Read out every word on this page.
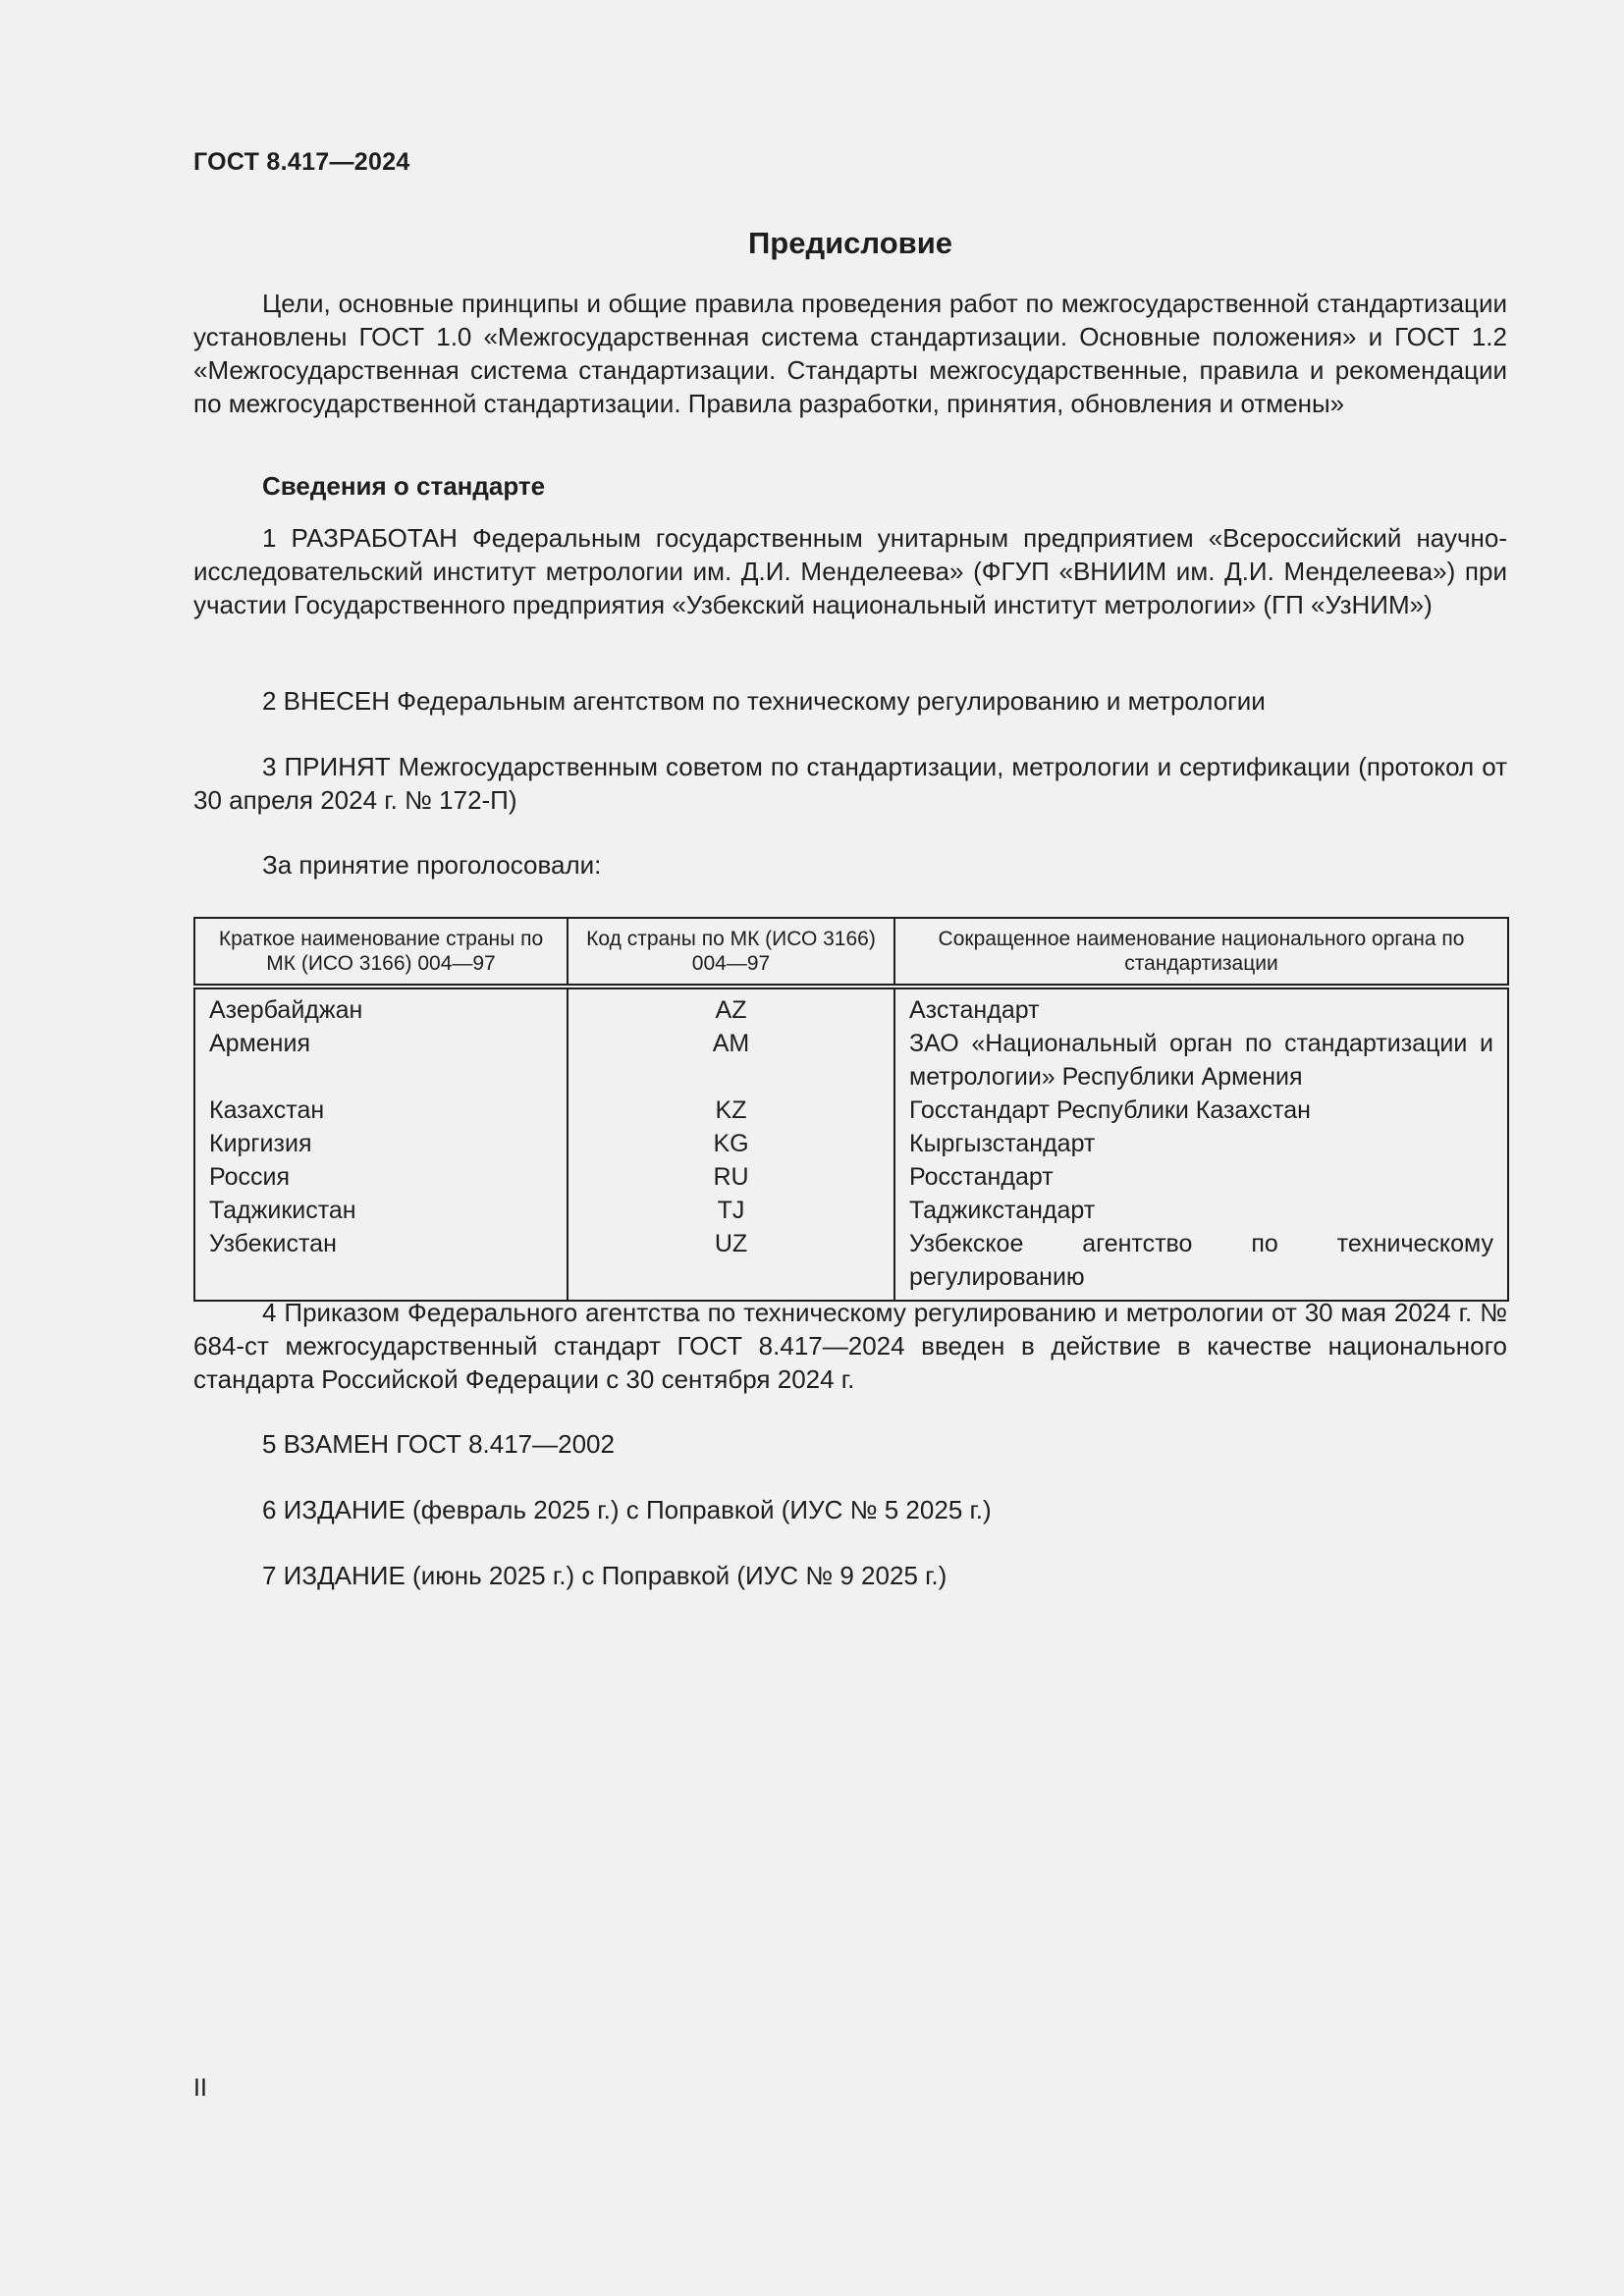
ГОСТ 8.417—2024
Предисловие
Цели, основные принципы и общие правила проведения работ по межгосударственной стандартизации установлены ГОСТ 1.0 «Межгосударственная система стандартизации. Основные положения» и ГОСТ 1.2 «Межгосударственная система стандартизации. Стандарты межгосударственные, правила и рекомендации по межгосударственной стандартизации. Правила разработки, принятия, обновления и отмены»
Сведения о стандарте
1 РАЗРАБОТАН Федеральным государственным унитарным предприятием «Всероссийский научно-исследовательский институт метрологии им. Д.И. Менделеева» (ФГУП «ВНИИМ им. Д.И. Менделеева») при участии Государственного предприятия «Узбекский национальный институт метрологии» (ГП «УзНИМ»)
2 ВНЕСЕН Федеральным агентством по техническому регулированию и метрологии
3 ПРИНЯТ Межгосударственным советом по стандартизации, метрологии и сертификации (протокол от 30 апреля 2024 г. № 172-П)
За принятие проголосовали:
Краткое наименование страны по МК (ИСО 3166) 004—97	Код страны по МК (ИСО 3166) 004—97	Сокращенное наименование национального органа по стандартизации
Азербайджан	AZ	Азстандарт
Армения	AM	ЗАО «Национальный орган по стандартизации и метрологии» Республики Армения
Казахстан	KZ	Госстандарт Республики Казахстан
Киргизия	KG	Кыргызстандарт
Россия	RU	Росстандарт
Таджикистан	TJ	Таджикстандарт
Узбекистан	UZ	Узбекское агентство по техническому регулированию
4 Приказом Федерального агентства по техническому регулированию и метрологии от 30 мая 2024 г. № 684-ст межгосударственный стандарт ГОСТ 8.417—2024 введен в действие в качестве национального стандарта Российской Федерации с 30 сентября 2024 г.
5 ВЗАМЕН ГОСТ 8.417—2002
6 ИЗДАНИЕ (февраль 2025 г.) с Поправкой (ИУС № 5 2025 г.)
7 ИЗДАНИЕ (июнь 2025 г.) с Поправкой (ИУС № 9 2025 г.)
II
